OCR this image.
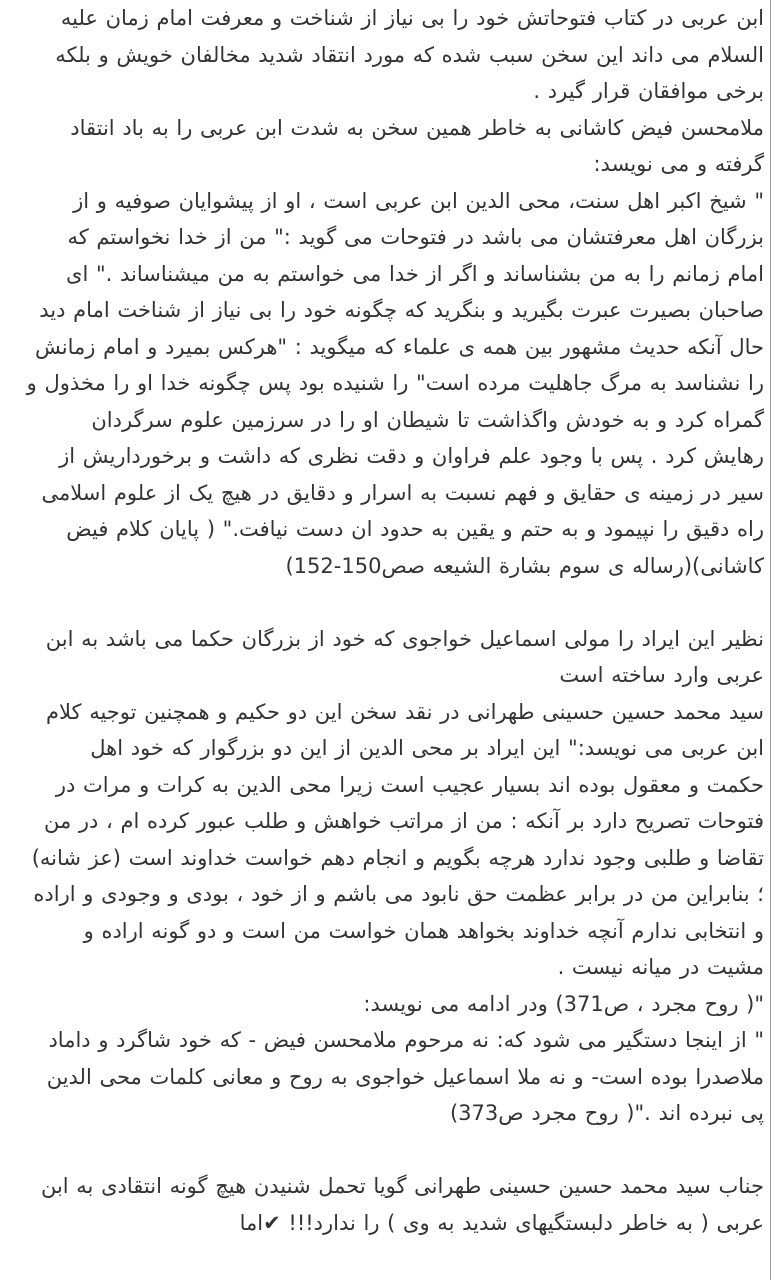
ابن عربی در کتاب فتوحاتش خود را بی نیاز از شناخت و معرفت امام زمان علیه السلام می داند این سخن سبب شده که مورد انتقاد شدید مخالفان خویش و بلکه برخی موافقان قرار گیرد .
ملامحسن فیض کاشانی به خاطر همین سخن به شدت ابن عربی را به باد انتقاد گرفته و می نویسد:
" شیخ اکبر اهل سنت، محی الدین ابن عربی است ، او از پیشوایان صوفیه و از بزرگان اهل معرفتشان می باشد در فتوحات می گوید :" من از خدا نخواستم که امام زمانم را به من بشناساند و اگر از خدا می خواستم به من میشناساند ." ای صاحبان بصیرت عبرت بگیرید و بنگرید که چگونه خود را بی نیاز از شناخت امام دید حال آنکه حدیث مشهور بین همه ی علماء که میگوید : "هرکس بمیرد و امام زمانش را نشناسد به مرگ جاهلیت مرده است" را شنیده بود پس چگونه خدا او را مخذول و گمراه کرد و به خودش واگذاشت تا شیطان او را در سرزمین علوم سرگردان رهایش کرد . پس با وجود علم فراوان و دقت نظری که داشت و برخورداریش از سیر در زمینه ی حقایق و فهم نسبت به اسرار و دقایق در هیچ یک از علوم اسلامی راه دقیق را نپیمود و به حتم و یقین به حدود ان دست نیافت." ( پایان کلام فیض کاشانی)(رساله ی سوم بشارة الشیعه صص150-152)
نظیر این ایراد را مولی اسماعیل خواجوی که خود از بزرگان حکما می باشد به ابن عربی وارد ساخته است
سید محمد حسین حسینی طهرانی در نقد سخن این دو حکیم و همچنین توجیه کلام ابن عربی می نویسد:" این ایراد بر محی الدین از این دو بزرگوار که خود اهل حکمت و معقول بوده اند بسیار عجیب است زیرا محی الدین به کرات و مرات در فتوحات تصریح دارد بر آنکه : من از مراتب خواهش و طلب عبور کرده ام ، در من تقاضا و طلبی وجود ندارد هرچه بگویم و انجام دهم خواست خداوند است (عز شانه) ؛ بنابراین من در برابر عظمت حق نابود می باشم و از خود ، بودی و وجودی و اراده و انتخابی ندارم آنچه خداوند بخواهد همان خواست من است و دو گونه اراده و مشیت در میانه نیست .
"( روح مجرد ، ص371) ودر ادامه می نویسد:
" از اینجا دستگیر می شود که: نه مرحوم ملامحسن فیض - که خود شاگرد و داماد ملاصدرا بوده است- و نه ملا اسماعیل خواجوی به روح و معانی کلمات محی الدین پی نبرده اند ."( روح مجرد ص373)
جناب سید محمد حسین حسینی طهرانی گویا تحمل شنیدن هیچ گونه انتقادی به ابن عربی ( به خاطر دلبستگیهای شدید به وی ) را ندارد!!! ✔اما
